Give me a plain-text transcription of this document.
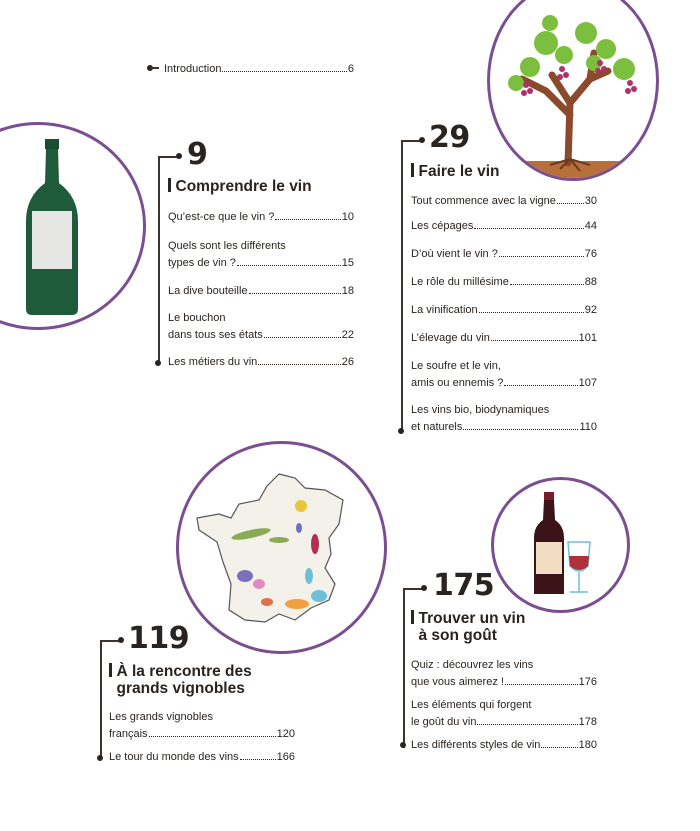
Introduction	6
9
Comprendre le vin
Qu’est-ce que le vin ?	10
Quels sont les différents
types de vin ?	15
La dive bouteille	18
Le bouchon
dans tous ses états	22
Les métiers du vin	26
29
Faire le vin
Tout commence avec la vigne	30
Les cépages	44
D’où vient le vin ?	76
Le rôle du millésime	88
La vinification	92
L’élevage du vin	101
Le soufre et le vin,
amis ou ennemis ?	107
Les vins bio, biodynamiques
et naturels	110
119
À la rencontre des
grands vignobles
Les grands vignobles
français	120
Le tour du monde des vins	166
175
Trouver un vin
à son goût
Quiz : découvrez les vins
que vous aimerez !	176
Les éléments qui forgent
le goût du vin	178
Les différents styles de vin	180
